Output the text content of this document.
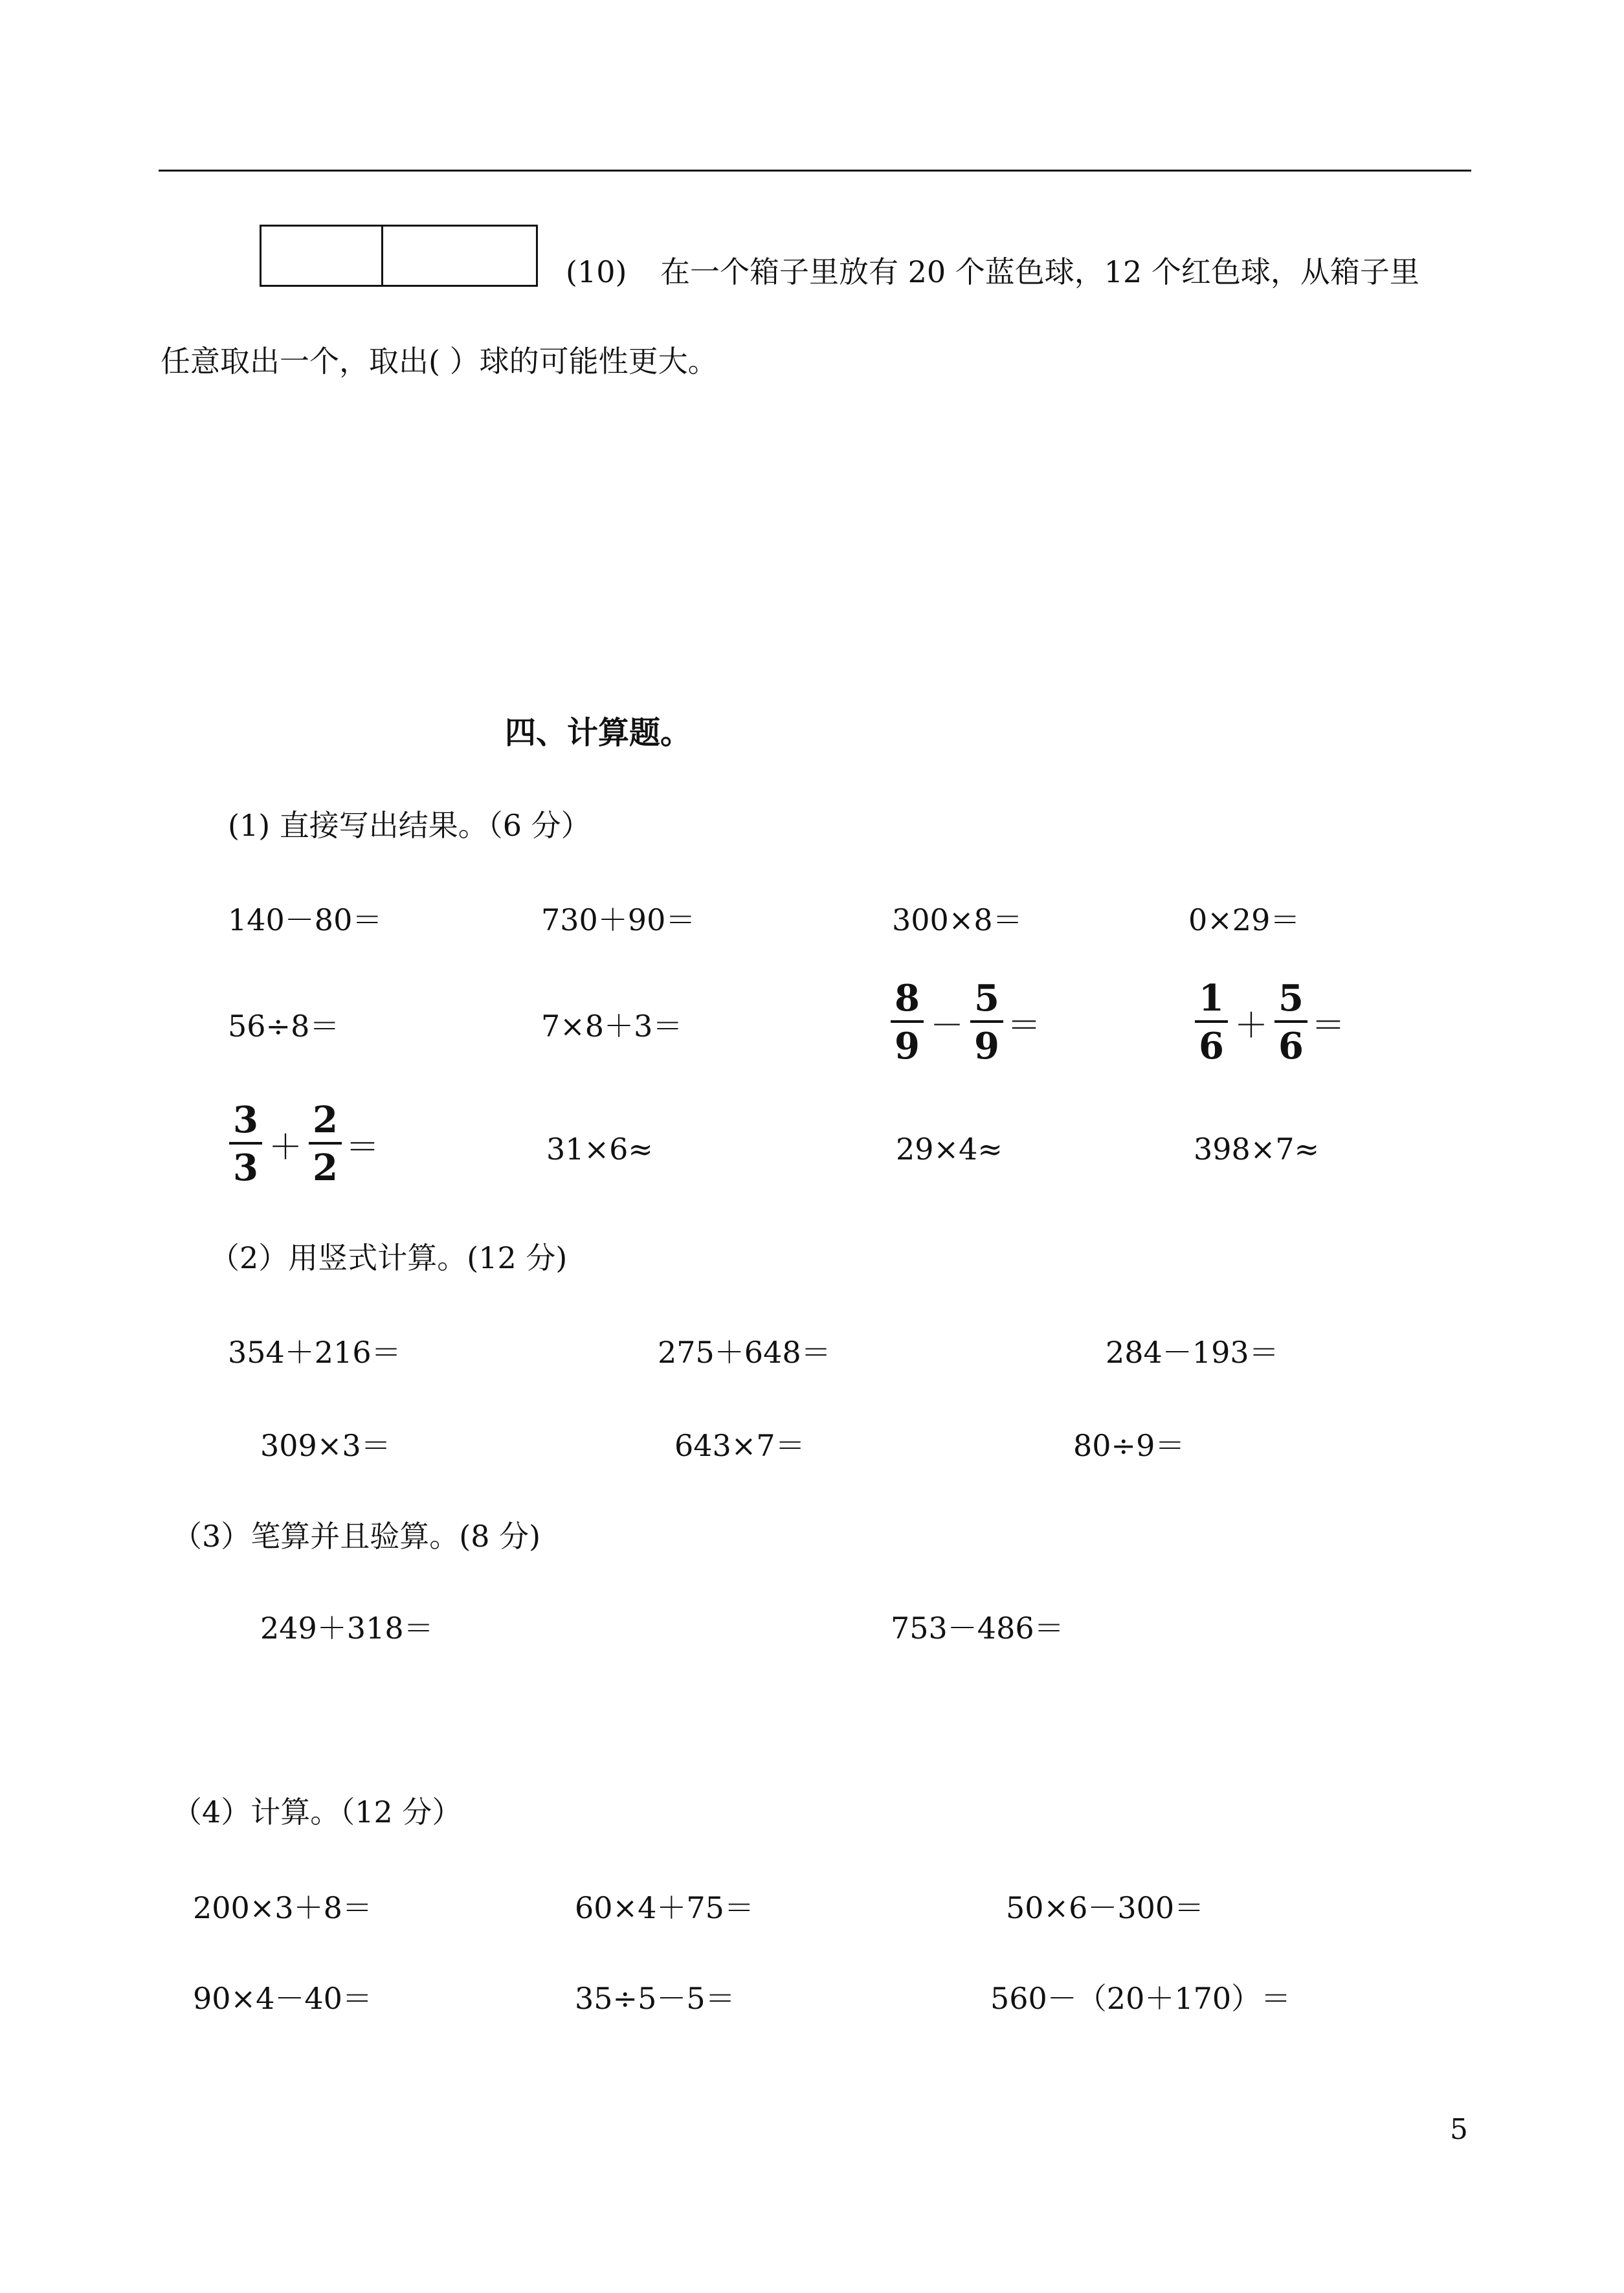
(10) 在一个箱子里放有 20 个蓝色球，12 个红色球，从箱子里
任意取出一个，取出( ）球的可能性更大。
四、计算题。
(1) 直接写出结果。（6 分）
140－80＝	730＋90＝	300×8＝	0×29＝
56÷8＝	7×8＋3＝	$\frac{8}{9} - \frac{5}{9}$ ＝	$\frac{1}{6} + \frac{5}{6}$ ＝
$\frac{3}{3} + \frac{2}{2}$ ＝	31×6≈	29×4≈	398×7≈
（2）用竖式计算。(12 分)
354＋216＝	275＋648＝	284－193＝
309×3＝	643×7＝	80÷9＝
（3）笔算并且验算。(8 分)
249＋318＝	753－486＝
（4）计算。（12 分）
200×3＋8＝	60×4＋75＝	50×6－300＝
90×4－40＝	35÷5－5＝	560－（20＋170）＝
5
